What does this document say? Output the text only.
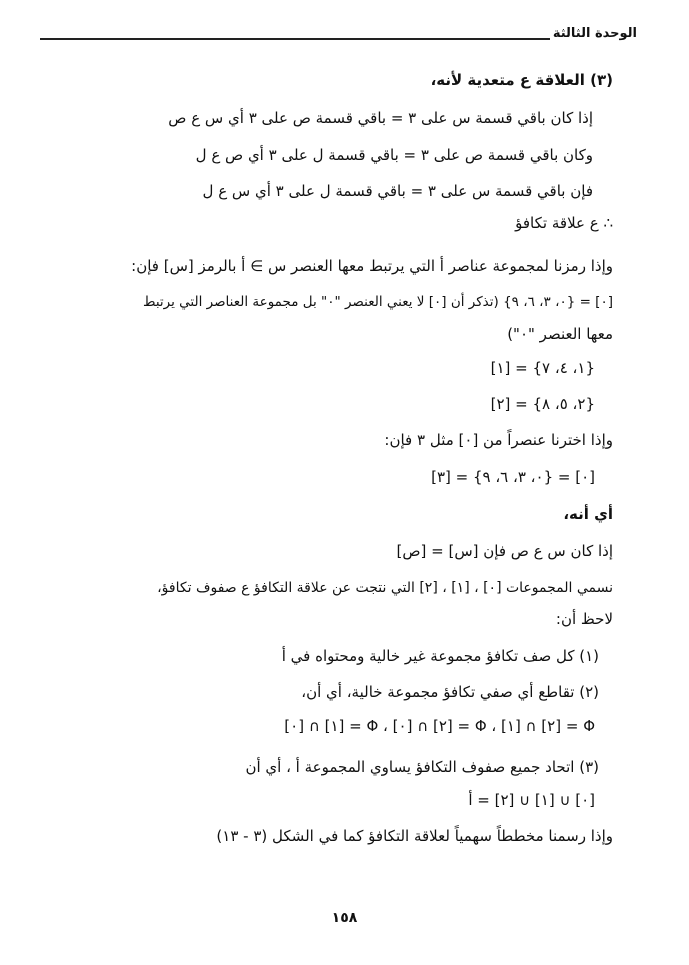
الوحدة الثالثة
(٣) العلاقة ع متعدية لأنه،
إذا كان باقي قسمة س على ٣ = باقي قسمة ص على ٣ أي س ع ص
وكان باقي قسمة ص على ٣ = باقي قسمة ل على ٣ أي ص ع ل
فإن باقي قسمة س على ٣ = باقي قسمة ل على ٣ أي س ع ل
∴ ع علاقة تكافؤ
وإذا رمزنا لمجموعة عناصر أ التي يرتبط معها العنصر س ∋ أ بالرمز [س] فإن:
[٠] = {٠، ٣، ٦، ٩} (تذكر أن [٠] لا يعني العنصر "٠" بل مجموعة العناصر التي يرتبط
معها العنصر "٠")
[١] = {١، ٤، ٧}
[٢] = {٢، ٥، ٨}
وإذا اخترنا عنصراً من [٠] مثل ٣ فإن:
[٣] = {٠، ٣، ٦، ٩} = [٠]
أي أنه،
إذا كان س ع ص فإن [س] = [ص]
نسمي المجموعات [٠] ، [١] ، [٢] التي نتجت عن علاقة التكافؤ ع صفوف تكافؤ،
لاحظ أن:
(١) كل صف تكافؤ مجموعة غير خالية ومحتواه في أ
(٢) تقاطع أي صفي تكافؤ مجموعة خالية، أي أن،
[٠] ∩ [١] = Φ ، [٠] ∩ [٢] = Φ ، [١] ∩ [٢] = Φ
(٣) اتحاد جميع صفوف التكافؤ يساوي المجموعة أ ، أي أن
[٠] ∪ [١] ∪ [٢] = أ
وإذا رسمنا مخططاً سهمياً لعلاقة التكافؤ كما في الشكل (٣ - ١٣)
١٥٨
